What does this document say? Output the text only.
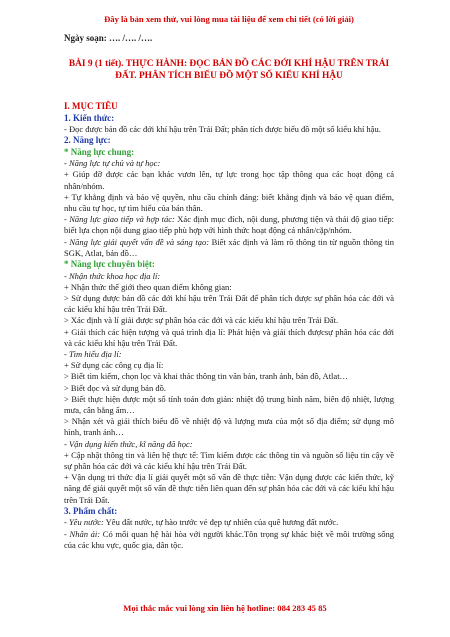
Đây là bản xem thử, vui lòng mua tài liệu để xem chi tiết (có lời giải)
Ngày soạn: …. /…. /….
BÀI 9 (1 tiết). THỰC HÀNH: ĐỌC BẢN ĐỒ CÁC ĐỚI KHÍ HẬU TRÊN TRÁI ĐẤT. PHÂN TÍCH BIỂU ĐỒ MỘT SỐ KIỂU KHÍ HẬU
I. MỤC TIÊU
1. Kiến thức:

- Đọc được bản đồ các đới khí hậu trên Trái Đất; phân tích được biểu đồ một số kiểu khí hậu.

2. Năng lực:
* Năng lực chung:

- Năng lực tự chủ và tự học:

+ Giúp đỡ được các bạn khác vươn lên, tự lực trong học tập thông qua các hoạt động cá nhân/nhóm.

+ Tự khẳng định và bảo vệ quyền, nhu cầu chính đáng: biết khẳng định và bảo vệ quan điểm, nhu cầu tự học, tự tìm hiểu của bản thân.

- Năng lực giao tiếp và hợp tác: Xác định mục đích, nội dung, phương tiện và thái độ giao tiếp: biết lựa chọn nội dung giao tiếp phù hợp với hình thức hoạt động cá nhân/cặp/nhóm.

- Năng lực giải quyết vấn đề và sáng tạo: Biết xác định và làm rõ thông tin từ nguồn thông tin SGK, Atlat, bản đồ…

* Năng lực chuyên biệt:

- Nhận thức khoa học địa lí:

+ Nhận thức thế giới theo quan điểm không gian:

> Sử dụng được bản đồ các đới khí hậu trên Trái Đất để phân tích được sự phân hóa các đới và các kiểu khí hậu trên Trái Đất.

> Xác định và lí giải được sự phân hóa các đới và các kiểu khí hậu trên Trái Đất.

+ Giải thích các hiện tượng và quá trình địa lí: Phát hiện và giải thích đượcsự phân hóa các đới và các kiểu khí hậu trên Trái Đất.

- Tìm hiểu địa lí:

+ Sử dụng các công cụ địa lí:

> Biết tìm kiếm, chọn lọc và khai thác thông tin văn bản, tranh ảnh, bản đồ, Atlat…

> Biết đọc và sử dụng bản đồ.

> Biết thực hiện được một số tính toán đơn giản: nhiệt độ trung bình năm, biên độ nhiệt, lượng mưa, cân bằng ẩm…

> Nhận xét và giải thích biểu đồ về nhiệt độ và lượng mưa của một số địa điểm; sử dụng mô hình, tranh ảnh…

- Vận dụng kiến thức, kĩ năng đã học:

+ Cập nhật thông tin và liên hệ thực tế: Tìm kiếm được các thông tin và nguồn số liệu tin cậy về sự phân hóa các đới và các kiểu khí hậu trên Trái Đất.

+ Vận dụng tri thức địa lí giải quyết một số vấn đề thực tiễn: Vận dụng được các kiến thức, kỹ năng để giải quyết một số vấn đề thực tiễn liên quan đến sự phân hóa các đới và các kiểu khí hậu trên Trái Đất.

3. Phẩm chất:

- Yêu nước: Yêu đất nước, tự hào trước vẻ đẹp tự nhiên của quê hương đất nước.

- Nhân ái: Có mối quan hệ hài hòa với người khác.Tôn trọng sự khác biệt về môi trường sống của các khu vực, quốc gia, dân tộc.

Mọi thắc mắc vui lòng xin liên hệ hotline: 084 283 45 85
